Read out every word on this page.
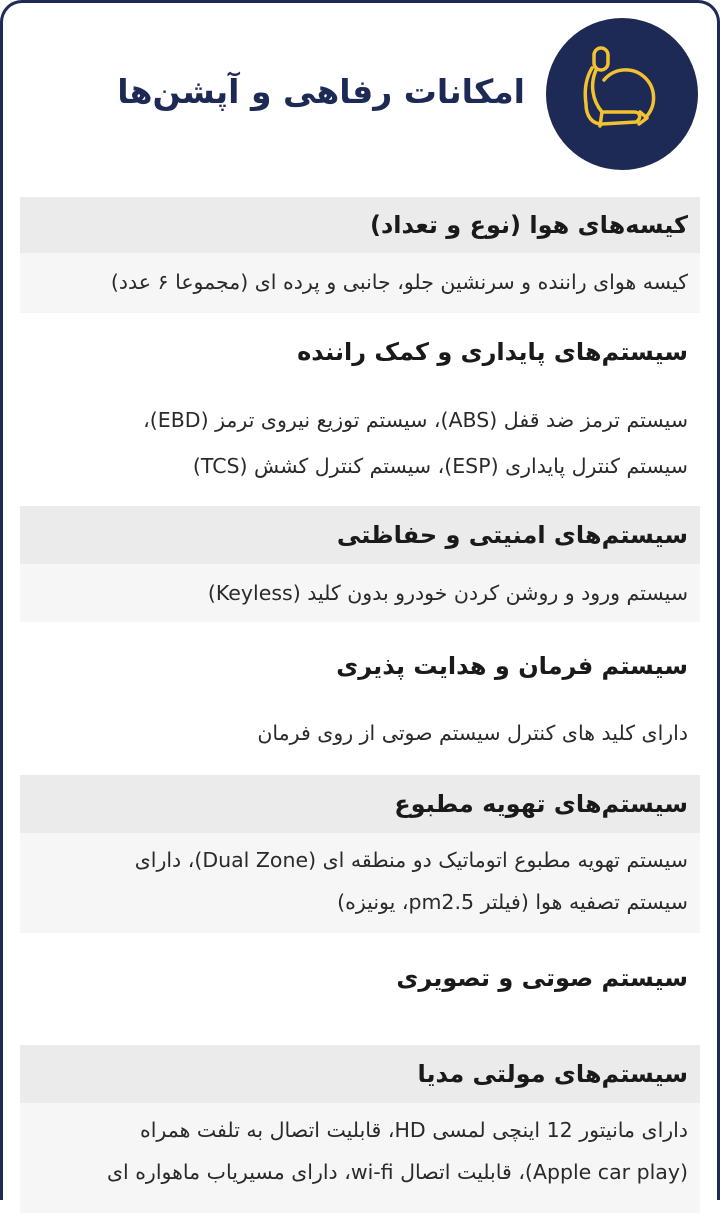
امکانات رفاهی و آپشن‌ها
کیسه‌های هوا (نوع و تعداد)
کیسه هوای راننده و سرنشین جلو، جانبی و پرده ای (مجموعا ۶ عدد)
سیستم‌های پایداری و کمک راننده
سیستم ترمز ضد قفل (ABS)، سیستم توزیع نیروی ترمز (EBD)،
سیستم کنترل پایداری (ESP)، سیستم کنترل کشش (TCS)
سیستم‌های امنیتی و حفاظتی
سیستم ورود و روشن کردن خودرو بدون کلید (Keyless)
سیستم فرمان و هدایت پذیری
دارای کلید های کنترل سیستم صوتی از روی فرمان
سیستم‌های تهویه مطبوع
سیستم تهویه مطبوع اتوماتیک دو منطقه ای (Dual Zone)، دارای
سیستم تصفیه هوا (فیلتر pm2.5، یونیزه)
سیستم صوتی و تصویری
سیستم‌های مولتی مدیا
دارای مانیتور 12 اینچی لمسی HD، قابلیت اتصال به تلفت همراه
(Apple car play)، قابلیت اتصال wi-fi، دارای مسیریاب ماهواره ای
